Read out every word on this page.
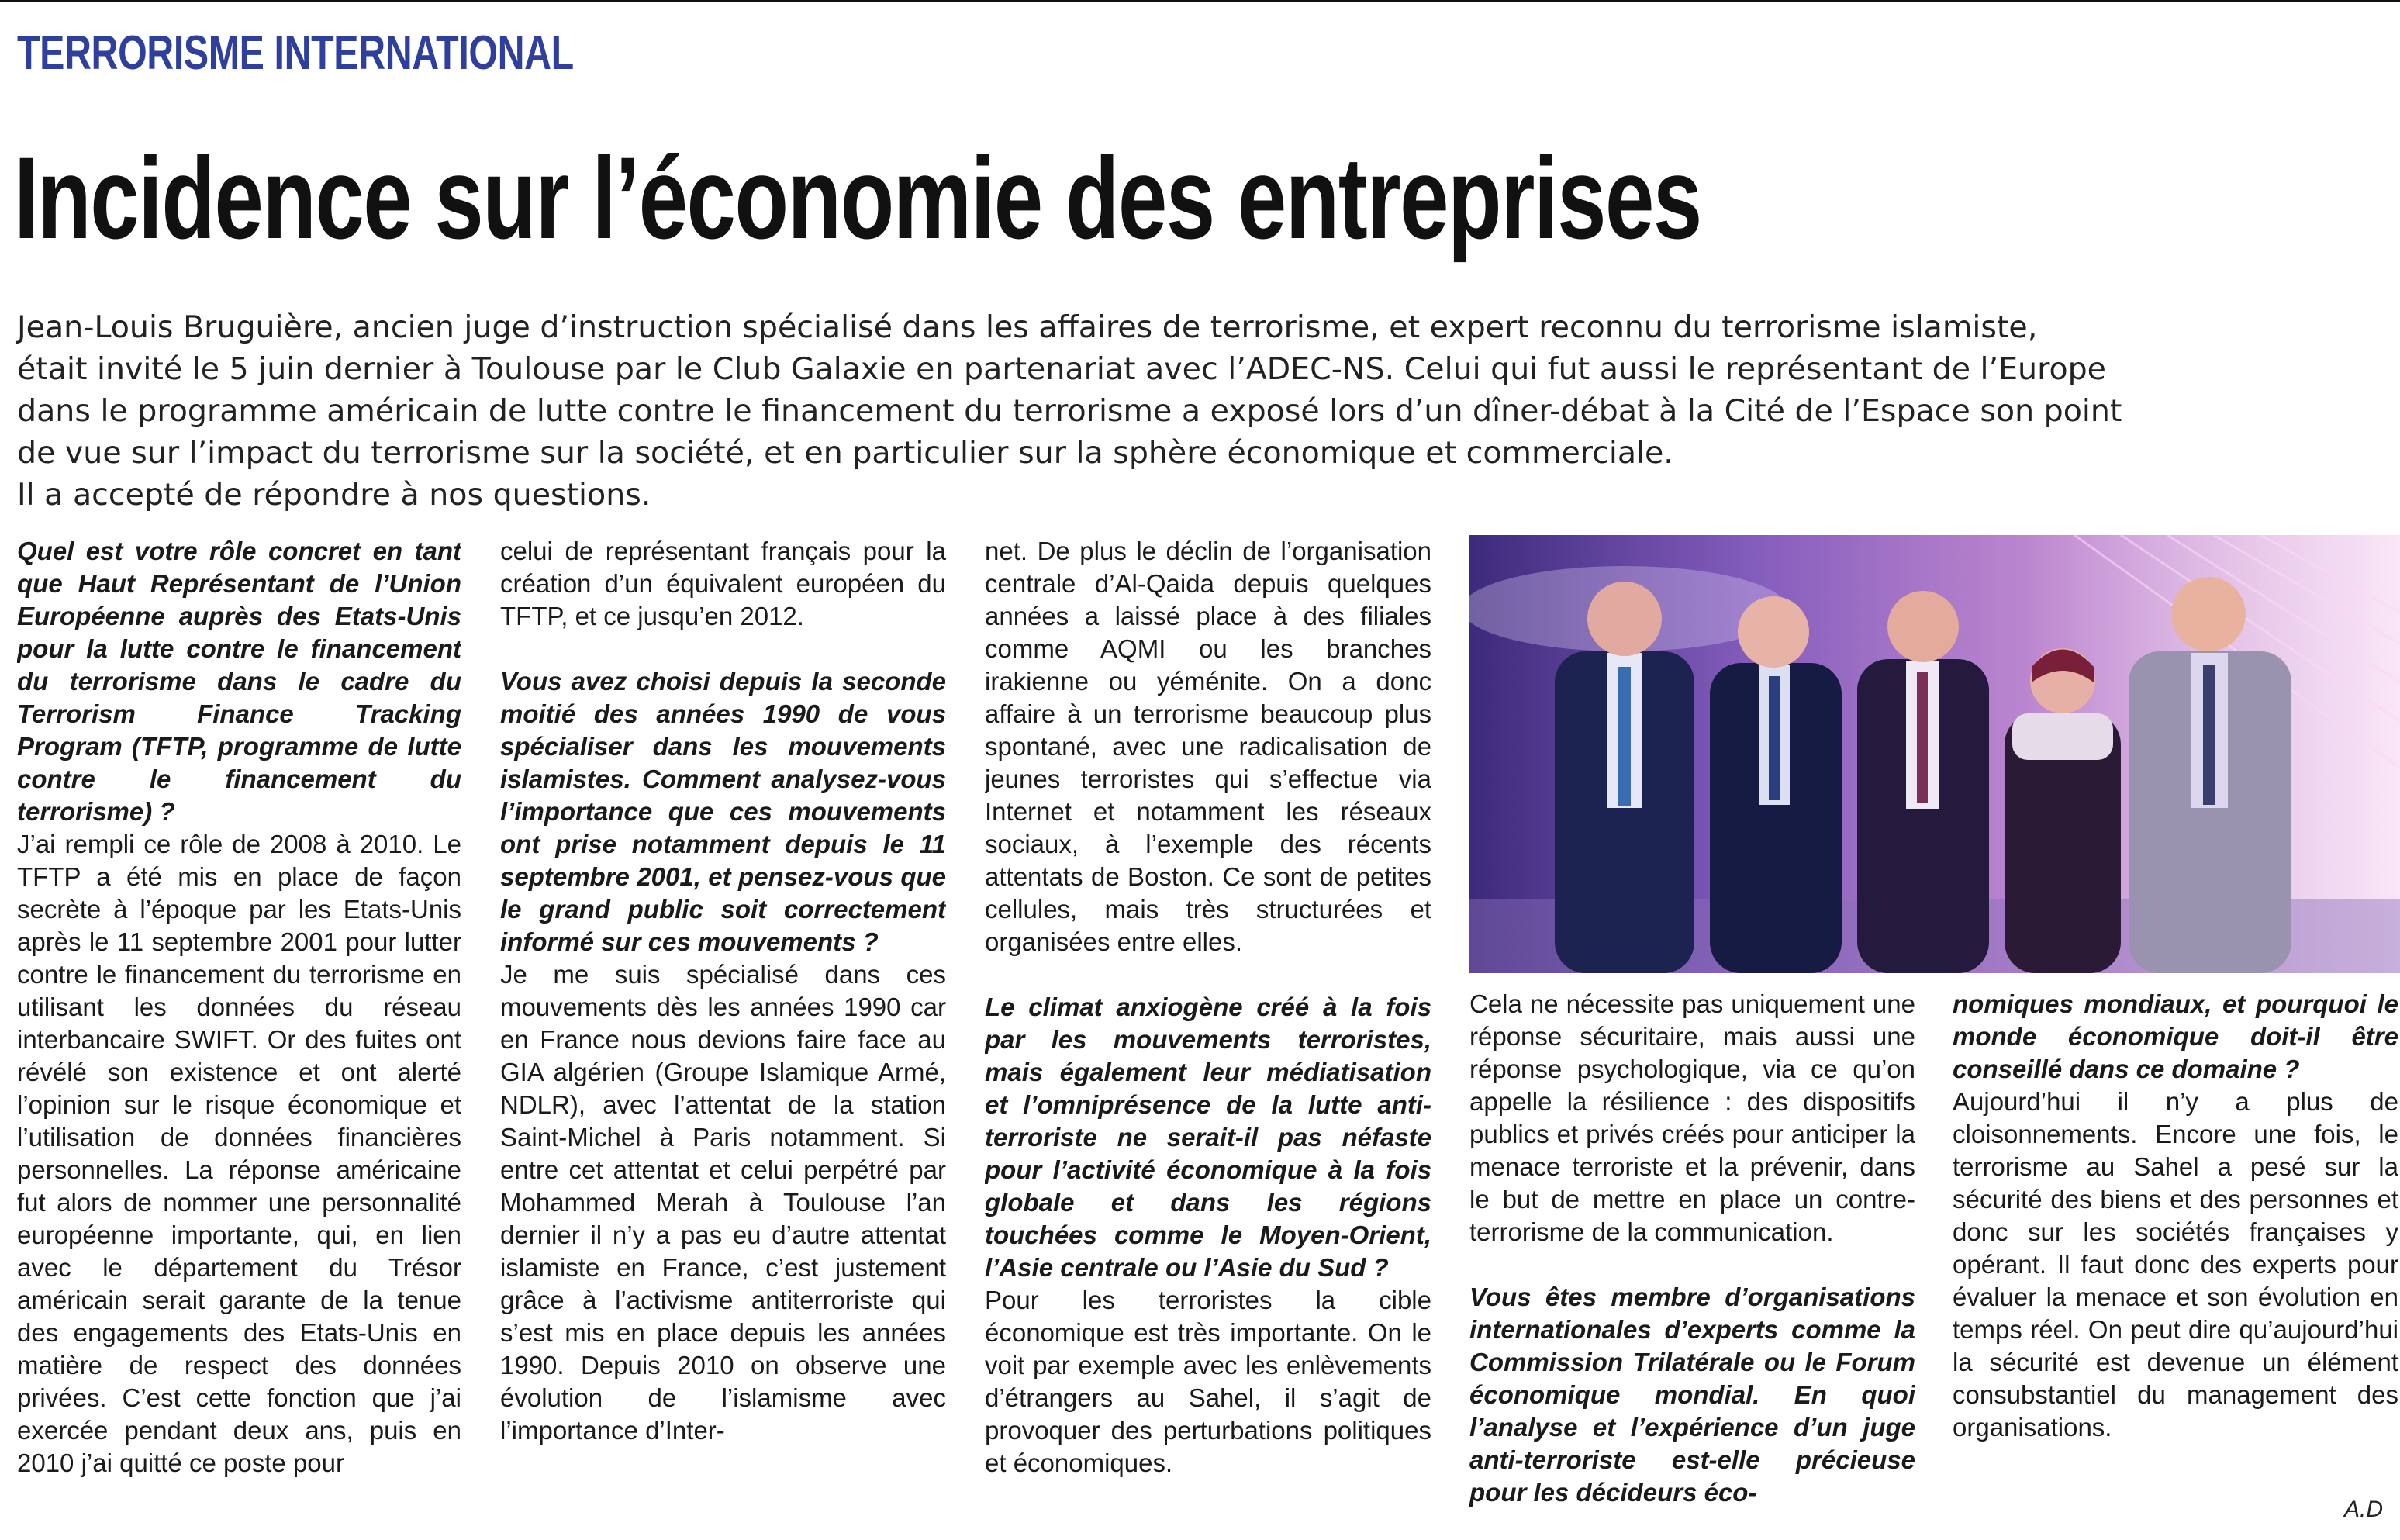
TERRORISME INTERNATIONAL
Incidence sur l’économie des entreprises
Jean-Louis Bruguière, ancien juge d’instruction spécialisé dans les affaires de terrorisme, et expert reconnu du terrorisme islamiste,
était invité le 5 juin dernier à Toulouse par le Club Galaxie en partenariat avec l’ADEC-NS. Celui qui fut aussi le représentant de l’Europe
dans le programme américain de lutte contre le financement du terrorisme a exposé lors d’un dîner-débat à la Cité de l’Espace son point
de vue sur l’impact du terrorisme sur la société, et en particulier sur la sphère économique et commerciale.
Il a accepté de répondre à nos questions.

Quel est votre rôle concret en tant que Haut Représentant de l’Union Européenne auprès des Etats-Unis pour la lutte contre le financement du terrorisme dans le cadre du Terrorism Finance Tracking Program (TFTP, programme de lutte contre le financement du terrorisme) ?

J’ai rempli ce rôle de 2008 à 2010. Le TFTP a été mis en place de façon secrète à l’époque par les Etats-Unis après le 11 septembre 2001 pour lutter contre le financement du terrorisme en utilisant les données du réseau interbancaire SWIFT. Or des fuites ont révélé son existence et ont alerté l’opinion sur le risque économique et l’utilisation de données financières personnelles. La réponse américaine fut alors de nommer une personnalité européenne importante, qui, en lien avec le département du Trésor américain serait garante de la tenue des engagements des Etats-Unis en matière de respect des données privées. C’est cette fonction que j’ai exercée pendant deux ans, puis en 2010 j’ai quitté ce poste pour

celui de représentant français pour la création d’un équivalent européen du TFTP, et ce jusqu’en 2012.

Vous avez choisi depuis la seconde moitié des années 1990 de vous spécialiser dans les mouvements islamistes. Comment analysez-vous l’importance que ces mouvements ont prise notamment depuis le 11 septembre 2001, et pensez-vous que le grand public soit correctement informé sur ces mouvements ?

Je me suis spécialisé dans ces mouvements dès les années 1990 car en France nous devions faire face au GIA algérien (Groupe Islamique Armé, NDLR), avec l’attentat de la station Saint-Michel à Paris notamment. Si entre cet attentat et celui perpétré par Mohammed Merah à Toulouse l’an dernier il n’y a pas eu d’autre attentat islamiste en France, c’est justement grâce à l’activisme antiterroriste qui s’est mis en place depuis les années 1990. Depuis 2010 on observe une évolution de l’islamisme avec l’importance d’Inter-

net. De plus le déclin de l’organisation centrale d’Al-Qaida depuis quelques années a laissé place à des filiales comme AQMI ou les branches irakienne ou yéménite. On a donc affaire à un terrorisme beaucoup plus spontané, avec une radicalisation de jeunes terroristes qui s’effectue via Internet et notamment les réseaux sociaux, à l’exemple des récents attentats de Boston. Ce sont de petites cellules, mais très structurées et organisées entre elles.

Le climat anxiogène créé à la fois par les mouvements terroristes, mais également leur médiatisation et l’omniprésence de la lutte anti-terroriste ne serait-il pas néfaste pour l’activité économique à la fois globale et dans les régions touchées comme le Moyen-Orient, l’Asie centrale ou l’Asie du Sud ?

Pour les terroristes la cible économique est très importante. On le voit par exemple avec les enlèvements d’étrangers au Sahel, il s’agit de provoquer des perturbations politiques et économiques.

Cela ne nécessite pas uniquement une réponse sécuritaire, mais aussi une réponse psychologique, via ce qu’on appelle la résilience : des dispositifs publics et privés créés pour anticiper la menace terroriste et la prévenir, dans le but de mettre en place un contre-terrorisme de la communication.

Vous êtes membre d’organisations internationales d’experts comme la Commission Trilatérale ou le Forum économique mondial. En quoi l’analyse et l’expérience d’un juge anti-terroriste est-elle précieuse pour les décideurs éco-

nomiques mondiaux, et pourquoi le monde économique doit-il être conseillé dans ce domaine ?

Aujourd’hui il n’y a plus de cloisonnements. Encore une fois, le terrorisme au Sahel a pesé sur la sécurité des biens et des personnes et donc sur les sociétés françaises y opérant. Il faut donc des experts pour évaluer la menace et son évolution en temps réel. On peut dire qu’aujourd’hui la sécurité est devenue un élément consubstantiel du management des organisations.

A.D
